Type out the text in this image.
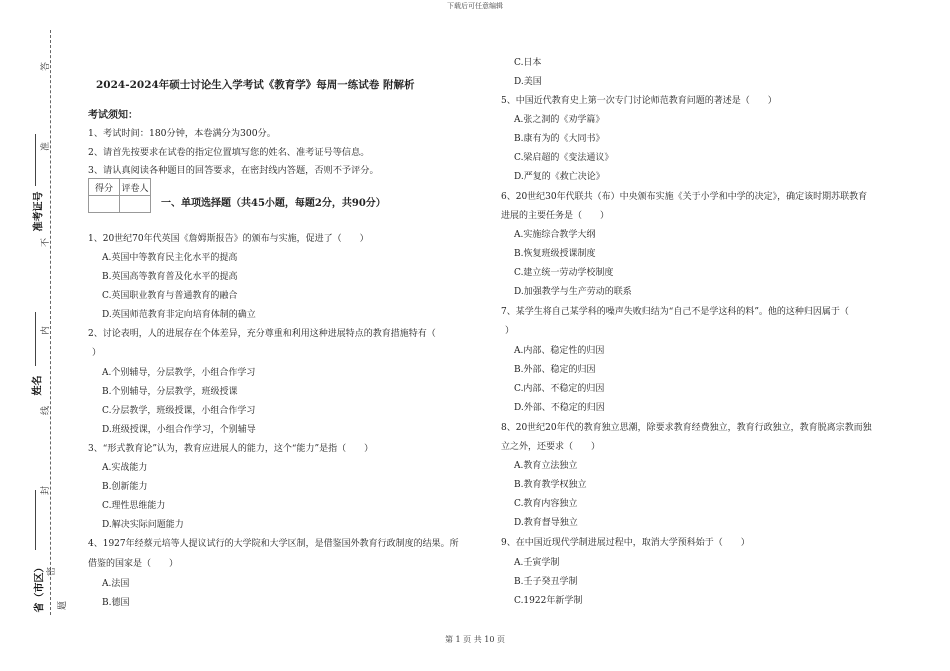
下载后可任意编辑
答
准
不
内
线
封
密
题
准考证号
姓名
省（市区）
2024-2024年硕士讨论生入学考试《教育学》每周一练试卷 附解析
考试须知：
1、考试时间：180分钟，本卷满分为300分。
2、请首先按要求在试卷的指定位置填写您的姓名、准考证号等信息。
3、请认真阅读各种题目的回答要求，在密封线内答题，否则不予评分。
得分	评卷人

一、单项选择题（共45小题，每题2分，共90分）
1、20世纪70年代英国《詹姆斯报告》的颁布与实施，促进了（　　）
A.英国中等教育民主化水平的提高
B.英国高等教育普及化水平的提高
C.英国职业教育与普通教育的融合
D.英国师范教育非定向培育体制的确立
2、讨论表明，人的进展存在个体差异，充分尊重和利用这种进展特点的教育措施特有（
）
A.个别辅导，分层教学，小组合作学习
B.个别辅导，分层教学，班级授课
C.分层教学，班级授课，小组合作学习
D.班级授课，小组合作学习，个别辅导
3、“形式教育论”认为，教育应进展人的能力，这个“能力”是指（　　）
A.实战能力
B.创新能力
C.理性思维能力
D.解决实际问题能力
4、1927年经蔡元培等人提议试行的大学院和大学区制，是借鉴国外教育行政制度的结果。所
借鉴的国家是（　　）
A.法国
B.德国
C.日本
D.美国
5、中国近代教育史上第一次专门讨论师范教育问题的著述是（　　）
A.张之洞的《劝学篇》
B.康有为的《大同书》
C.梁启超的《变法通议》
D.严复的《救亡决论》
6、20世纪30年代联共（布）中央颁布实施《关于小学和中学的决定》，确定该时期苏联教育
进展的主要任务是（　　）
A.实施综合教学大纲
B.恢复班级授课制度
C.建立统一劳动学校制度
D.加强教学与生产劳动的联系
7、某学生将自己某学科的噪声失败归结为“自己不是学这科的料”。他的这种归因属于（
）
A.内部、稳定性的归因
B.外部、稳定的归因
C.内部、不稳定的归因
D.外部、不稳定的归因
8、20世纪20年代的教育独立思潮，除要求教育经费独立，教育行政独立，教育脱离宗教而独
立之外，还要求（　　）
A.教育立法独立
B.教育教学权独立
C.教育内容独立
D.教育督导独立
9、在中国近现代学制进展过程中，取消大学预科始于（　　）
A.壬寅学制
B.壬子癸丑学制
C.1922年新学制
第 1 页 共 10 页
